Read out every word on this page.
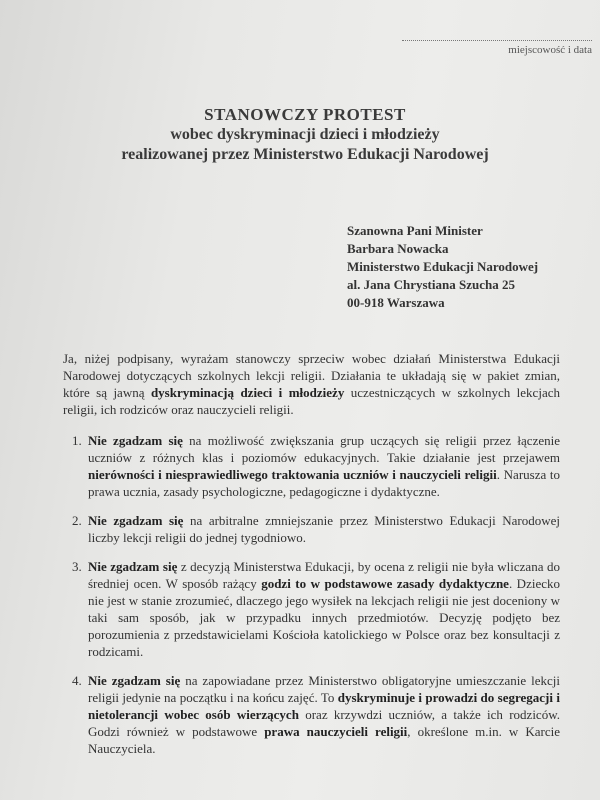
miejscowość i data
STANOWCZY PROTEST
wobec dyskryminacji dzieci i młodzieży
realizowanej przez Ministerstwo Edukacji Narodowej
Szanowna Pani Minister
Barbara Nowacka
Ministerstwo Edukacji Narodowej
al. Jana Chrystiana Szucha 25
00-918 Warszawa

Ja, niżej podpisany, wyrażam stanowczy sprzeciw wobec działań Ministerstwa Edukacji Narodowej dotyczących szkolnych lekcji religii. Działania te układają się w pakiet zmian, które są jawną dyskryminacją dzieci i młodzieży uczestniczących w szkolnych lekcjach religii, ich rodziców oraz nauczycieli religii.

1. Nie zgadzam się na możliwość zwiększania grup uczących się religii przez łączenie uczniów z różnych klas i poziomów edukacyjnych. Takie działanie jest przejawem nierówności i niesprawiedliwego traktowania uczniów i nauczycieli religii. Narusza to prawa ucznia, zasady psychologiczne, pedagogiczne i dydaktyczne.
2. Nie zgadzam się na arbitralne zmniejszanie przez Ministerstwo Edukacji Narodowej liczby lekcji religii do jednej tygodniowo.
3. Nie zgadzam się z decyzją Ministerstwa Edukacji, by ocena z religii nie była wliczana do średniej ocen. W sposób rażący godzi to w podstawowe zasady dydaktyczne. Dziecko nie jest w stanie zrozumieć, dlaczego jego wysiłek na lekcjach religii nie jest doceniony w taki sam sposób, jak w przypadku innych przedmiotów. Decyzję podjęto bez porozumienia z przedstawicielami Kościoła katolickiego w Polsce oraz bez konsultacji z rodzicami.
4. Nie zgadzam się na zapowiadane przez Ministerstwo obligatoryjne umieszczanie lekcji religii jedynie na początku i na końcu zajęć. To dyskryminuje i prowadzi do segregacji i nietolerancji wobec osób wierzących oraz krzywdzi uczniów, a także ich rodziców. Godzi również w podstawowe prawa nauczycieli religii, określone m.in. w Karcie Nauczyciela.
